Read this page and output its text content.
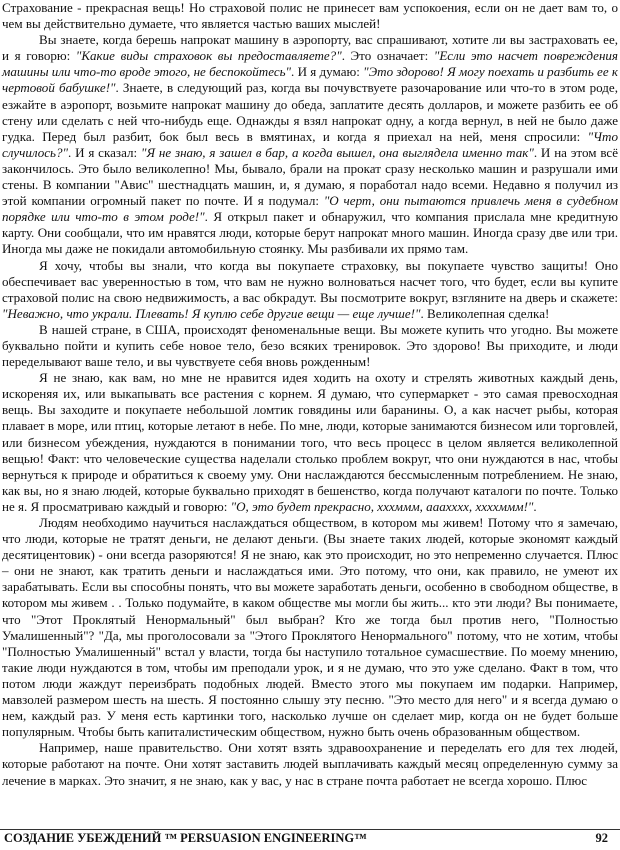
Страхование - прекрасная вещь! Но страховой полис не принесет вам успокоения, если он не дает вам то, о чем вы действительно думаете, что является частью ваших мыслей!

Вы знаете, когда берешь напрокат машину в аэропорту, вас спрашивают, хотите ли вы застраховать ее, и я говорю: "Какие виды страховок вы предоставляете?". Это означает: "Если это насчет повреждения машины или что-то вроде этого, не беспокойтесь". И я думаю: "Это здорово! Я могу поехать и разбить ее к чертовой бабушке!". Знаете, в следующий раз, когда вы почувствуете разочарование или что-то в этом роде, езжайте в аэропорт, возьмите напрокат машину до обеда, заплатите десять долларов, и можете разбить ее об стену или сделать с ней что-нибудь еще. Однажды я взял напрокат одну, а когда вернул, в ней не было даже гудка. Перед был разбит, бок был весь в вмятинах, и когда я приехал на ней, меня спросили: "Что случилось?". И я сказал: "Я не знаю, я зашел в бар, а когда вышел, она выглядела именно так". И на этом всё закончилось. Это было великолепно! Мы, бывало, брали на прокат сразу несколько машин и разрушали ими стены. В компании "Авис" шестнадцать машин, и, я думаю, я поработал надо всеми. Недавно я получил из этой компании огромный пакет по почте. И я подумал: "О черт, они пытаются привлечь меня в судебном порядке или что-то в этом роде!". Я открыл пакет и обнаружил, что компания прислала мне кредитную карту. Они сообщали, что им нравятся люди, которые берут напрокат много машин. Иногда сразу две или три. Иногда мы даже не покидали автомобильную стоянку. Мы разбивали их прямо там.

Я хочу, чтобы вы знали, что когда вы покупаете страховку, вы покупаете чувство защиты! Оно обеспечивает вас уверенностью в том, что вам не нужно волноваться насчет того, что будет, если вы купите страховой полис на свою недвижимость, а вас обкрадут. Вы посмотрите вокруг, взгляните на дверь и скажете: "Неважно, что украли. Плевать! Я куплю себе другие вещи — еще лучше!". Великолепная сделка!

В нашей стране, в США, происходят феноменальные вещи. Вы можете купить что угодно. Вы можете буквально пойти и купить себе новое тело, безо всяких тренировок. Это здорово! Вы приходите, и люди переделывают ваше тело, и вы чувствуете себя вновь рожденным!

Я не знаю, как вам, но мне не нравится идея ходить на охоту и стрелять животных каждый день, искореняя их, или выкапывать все растения с корнем. Я думаю, что супермаркет - это самая превосходная вещь. Вы заходите и покупаете небольшой ломтик говядины или баранины. О, а как насчет рыбы, которая плавает в море, или птиц, которые летают в небе. По мне, люди, которые занимаются бизнесом или торговлей, или бизнесом убеждения, нуждаются в понимании того, что весь процесс в целом является великолепной вещью! Факт: что человеческие существа наделали столько проблем вокруг, что они нуждаются в нас, чтобы вернуться к природе и обратиться к своему уму. Они наслаждаются бессмысленным потреблением. Не знаю, как вы, но я знаю людей, которые буквально приходят в бешенство, когда получают каталоги по почте. Только не я. Я просматриваю каждый и говорю: "О, это будет прекрасно, хххммм, аааxxxx, ххххммм!".

Людям необходимо научиться наслаждаться обществом, в котором мы живем! Потому что я замечаю, что люди, которые не тратят деньги, не делают деньги. (Вы знаете таких людей, которые экономят каждый десятицентовик) - они всегда разоряются! Я не знаю, как это происходит, но это непременно случается. Плюс – они не знают, как тратить деньги и наслаждаться ими. Это потому, что они, как правило, не умеют их зарабатывать. Если вы способны понять, что вы можете заработать деньги, особенно в свободном обществе, в котором мы живем . . Только подумайте, в каком обществе мы могли бы жить... кто эти люди? Вы понимаете, что "Этот Проклятый Ненормальный" был выбран? Кто же тогда был против него, "Полностью Умалишенный"? "Да, мы проголосовали за "Этого Проклятого Ненормального" потому, что не хотим, чтобы "Полностью Умалишенный" встал у власти, тогда бы наступило тотальное сумасшествие. По моему мнению, такие люди нуждаются в том, чтобы им преподали урок, и я не думаю, что это уже сделано. Факт в том, что потом люди жаждут переизбрать подобных людей. Вместо этого мы покупаем им подарки. Например, мавзолей размером шесть на шесть. Я постоянно слышу эту песню. "Это место для него" и я всегда думаю о нем, каждый раз. У меня есть картинки того, насколько лучше он сделает мир, когда он не будет больше популярным. Чтобы быть капиталистическим обществом, нужно быть очень образованным обществом.

Например, наше правительство. Они хотят взять здравоохранение и переделать его для тех людей, которые работают на почте. Они хотят заставить людей выплачивать каждый месяц определенную сумму за лечение в марках. Это значит, я не знаю, как у вас, у нас в стране почта работает не всегда хорошо. Плюс

СОЗДАНИЕ УБЕЖДЕНИЙ ™ PERSUASION ENGINEERING™	92
